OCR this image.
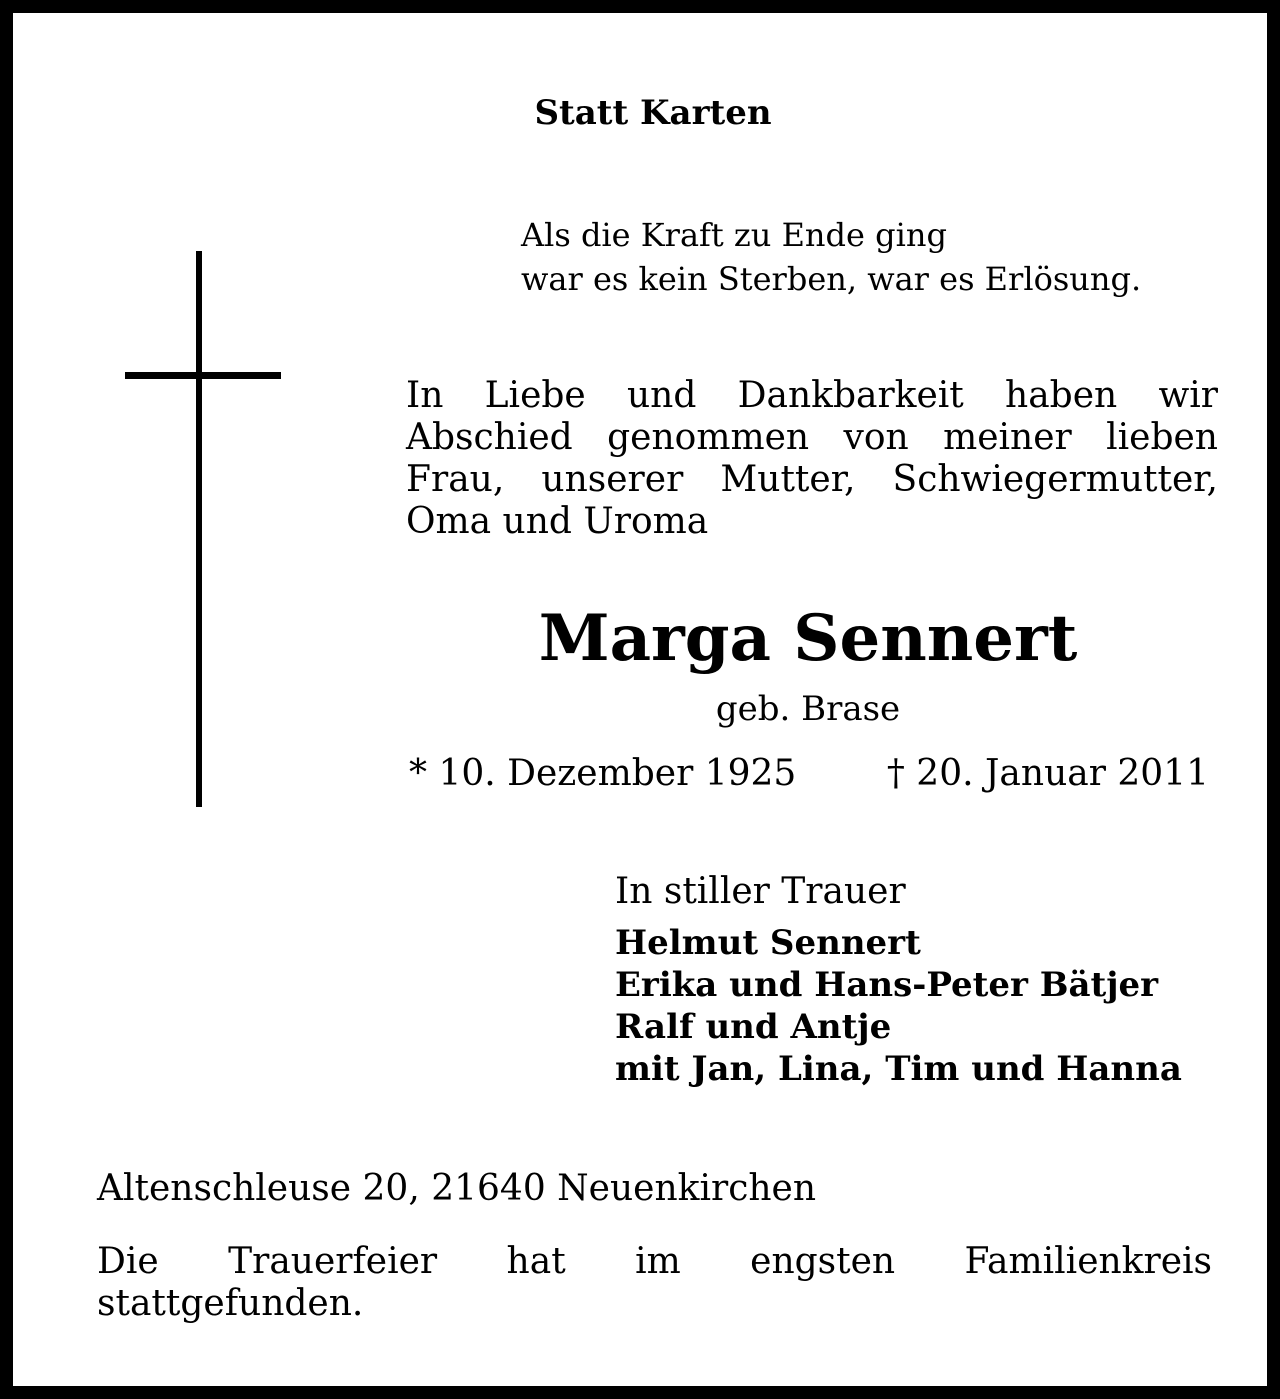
Statt Karten

Als die Kraft zu Ende ging
war es kein Sterben, war es Erlösung.
In Liebe und Dankbarkeit haben wir
Abschied genommen von meiner lieben
Frau, unserer Mutter, Schwiegermutter,
Oma und Uroma
Marga Sennert
geb. Brase
* 10. Dezember 1925	† 20. Januar 2011
In stiller Trauer
Helmut Sennert
Erika und Hans-Peter Bätjer
Ralf und Antje
mit Jan, Lina, Tim und Hanna
Altenschleuse 20, 21640 Neuenkirchen
Die Trauerfeier hat im engsten Familienkreis
stattgefunden.
